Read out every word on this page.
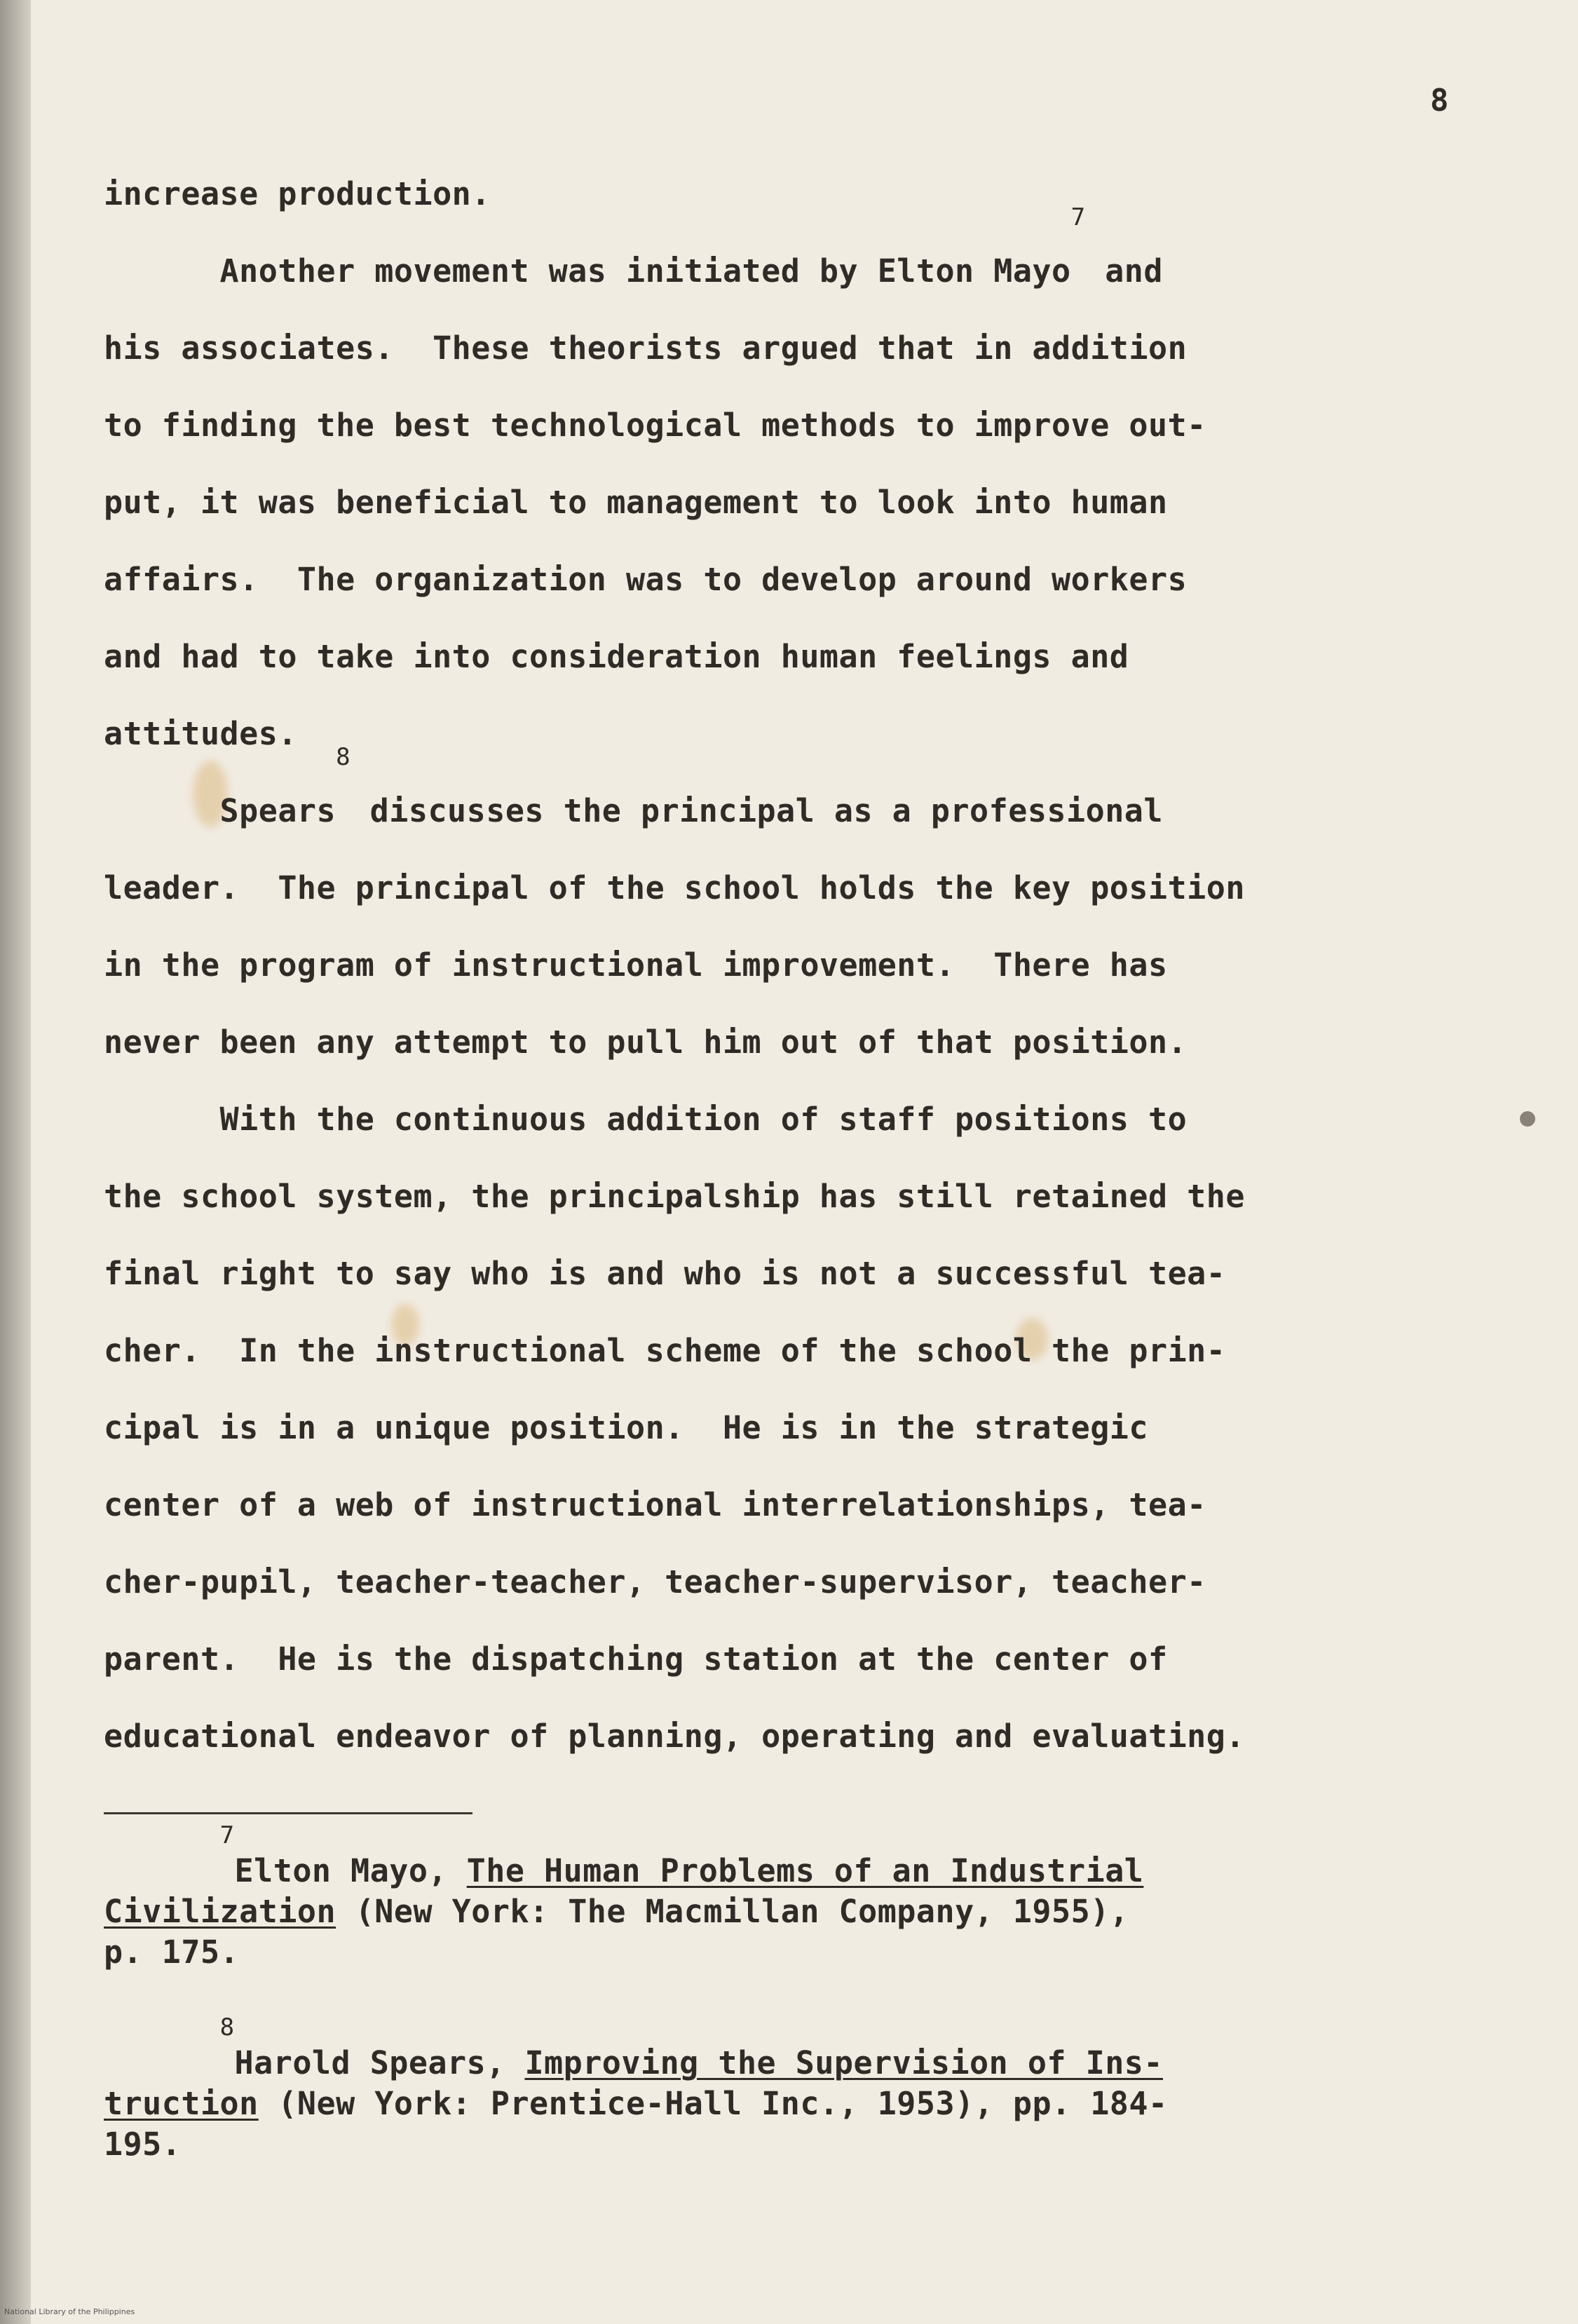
8
increase production.
Another movement was initiated by Elton Mayo$^7$ and
his associates.  These theorists argued that in addition
to finding the best technological methods to improve out-
put, it was beneficial to management to look into human
affairs.  The organization was to develop around workers
and had to take into consideration human feelings and
attitudes.
Spears$^8$ discusses the principal as a professional
leader.  The principal of the school holds the key position
in the program of instructional improvement.  There has
never been any attempt to pull him out of that position.
With the continuous addition of staff positions to
the school system, the principalship has still retained the
final right to say who is and who is not a successful tea-
cher.  In the instructional scheme of the school the prin-
cipal is in a unique position.  He is in the strategic
center of a web of instructional interrelationships, tea-
cher-pupil, teacher-teacher, teacher-supervisor, teacher-
parent.  He is the dispatching station at the center of
educational endeavor of planning, operating and evaluating.
$^7$Elton Mayo, The Human Problems of an Industrial
Civilization (New York: The Macmillan Company, 1955),
p. 175.
$^8$Harold Spears, Improving the Supervision of Ins-
truction (New York: Prentice-Hall Inc., 1953), pp. 184-
195.
National Library of the Philippines
